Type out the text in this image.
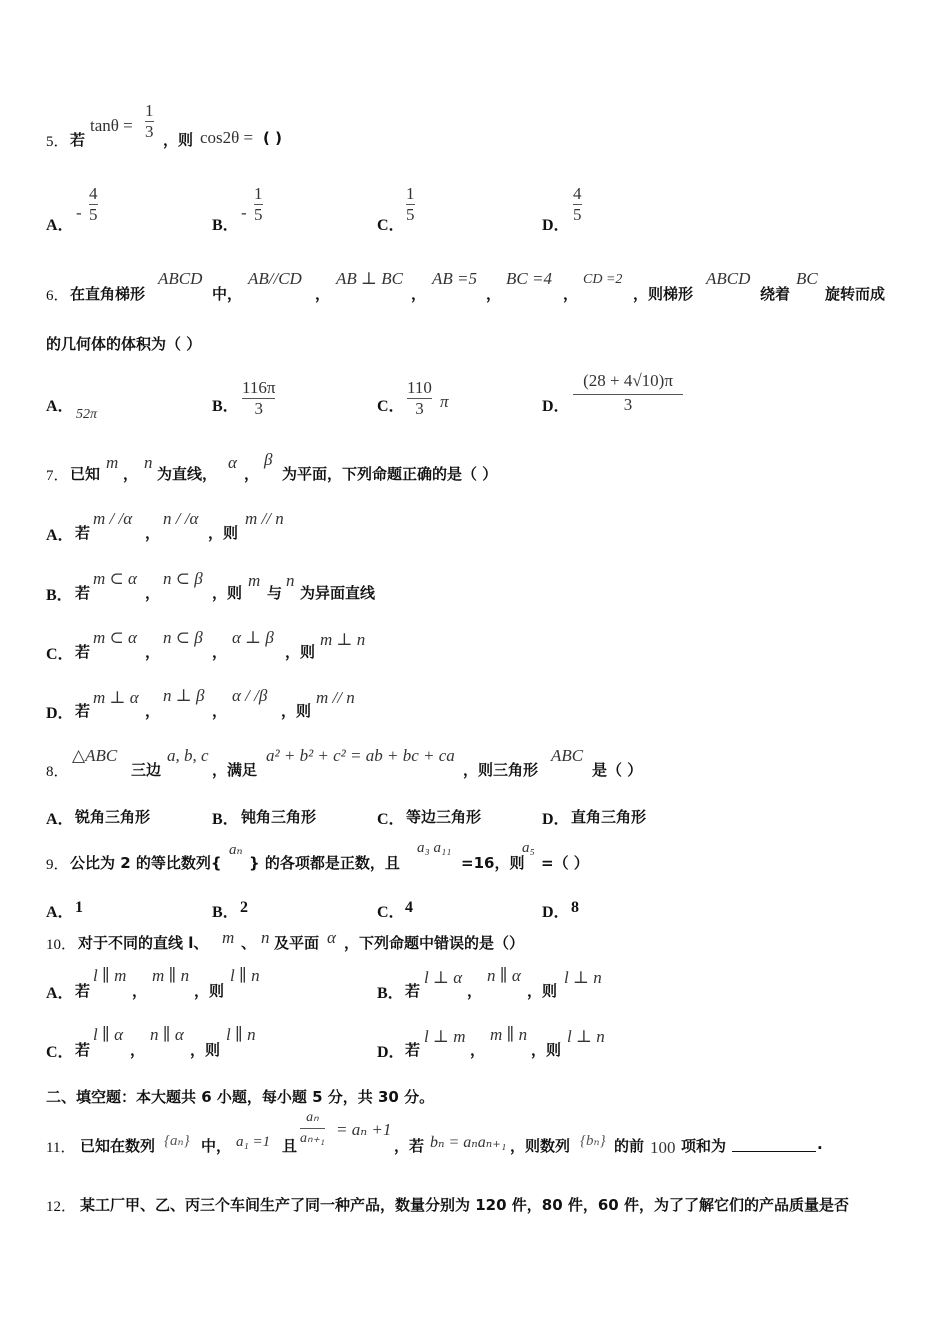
5． 若
tanθ =
1
3 ，则 cos2θ = ( )
A．
-
4
5
B．
-
1
5
C．
1
5
D．
4
5
6． 在直角梯形
ABCD
中，
AB//CD
，
AB ⊥ BC
，
AB =5
，
BC =4
，
CD =2
，则梯形
ABCD
绕着
BC
旋转而成
的几何体的体积为（ ）
A． 52π	B．
116π
3	C．
110
3 π	D．
(28 + 4√10)π
3
7． 已知
m
，
n
为直线，
α
，
β
为平面，下列命题正确的是（ ）
A． 若
m / /α
，
n / /α
，则
m // n
B． 若
m ⊂ α
，
n ⊂ β
，则
m
与
n
为异面直线
C． 若
m ⊂ α
，
n ⊂ β
，
α ⊥ β
，则
m ⊥ n
D． 若
m ⊥ α
，
n ⊥ β
，
α / /β
，则
m // n
8．
△ABC
三边
a, b, c
，满足
a² + b² + c² = ab + bc + ca
，则三角形
ABC
是（ ）
A． 锐角三角形	B． 钝角三角形	C． 等边三角形	D． 直角三角形
9． 公比为 2 的等比数列{
aₙ
} 的各项都是正数，且
a₃ a₁₁
=16，则
a₅
=（ ）
A． 1	B． 2	C． 4	D． 8
10． 对于不同的直线 l、 m 、 n 及平面 α ，下列命题中错误的是（）
A． 若
l ∥ m
，
m ∥ n
，则
l ∥ n
B． 若
l ⊥ α
，
n ∥ α
，则
l ⊥ n
C． 若
l ∥ α
，
n ∥ α
，则
l ∥ n
D． 若
l ⊥ m
，
m ∥ n
，则
l ⊥ n
二、填空题：本大题共 6 小题，每小题 5 分，共 30 分。
11． 已知在数列 {aₙ} 中， a₁ =1 且
aₙ
aₙ₊₁ = aₙ +1
，若 bₙ = aₙaₙ₊₁ ，则数列 {bₙ} 的前 100 项和为	.
12． 某工厂甲、乙、丙三个车间生产了同一种产品，数量分别为 120 件，80 件，60 件，为了了解它们的产品质量是否
